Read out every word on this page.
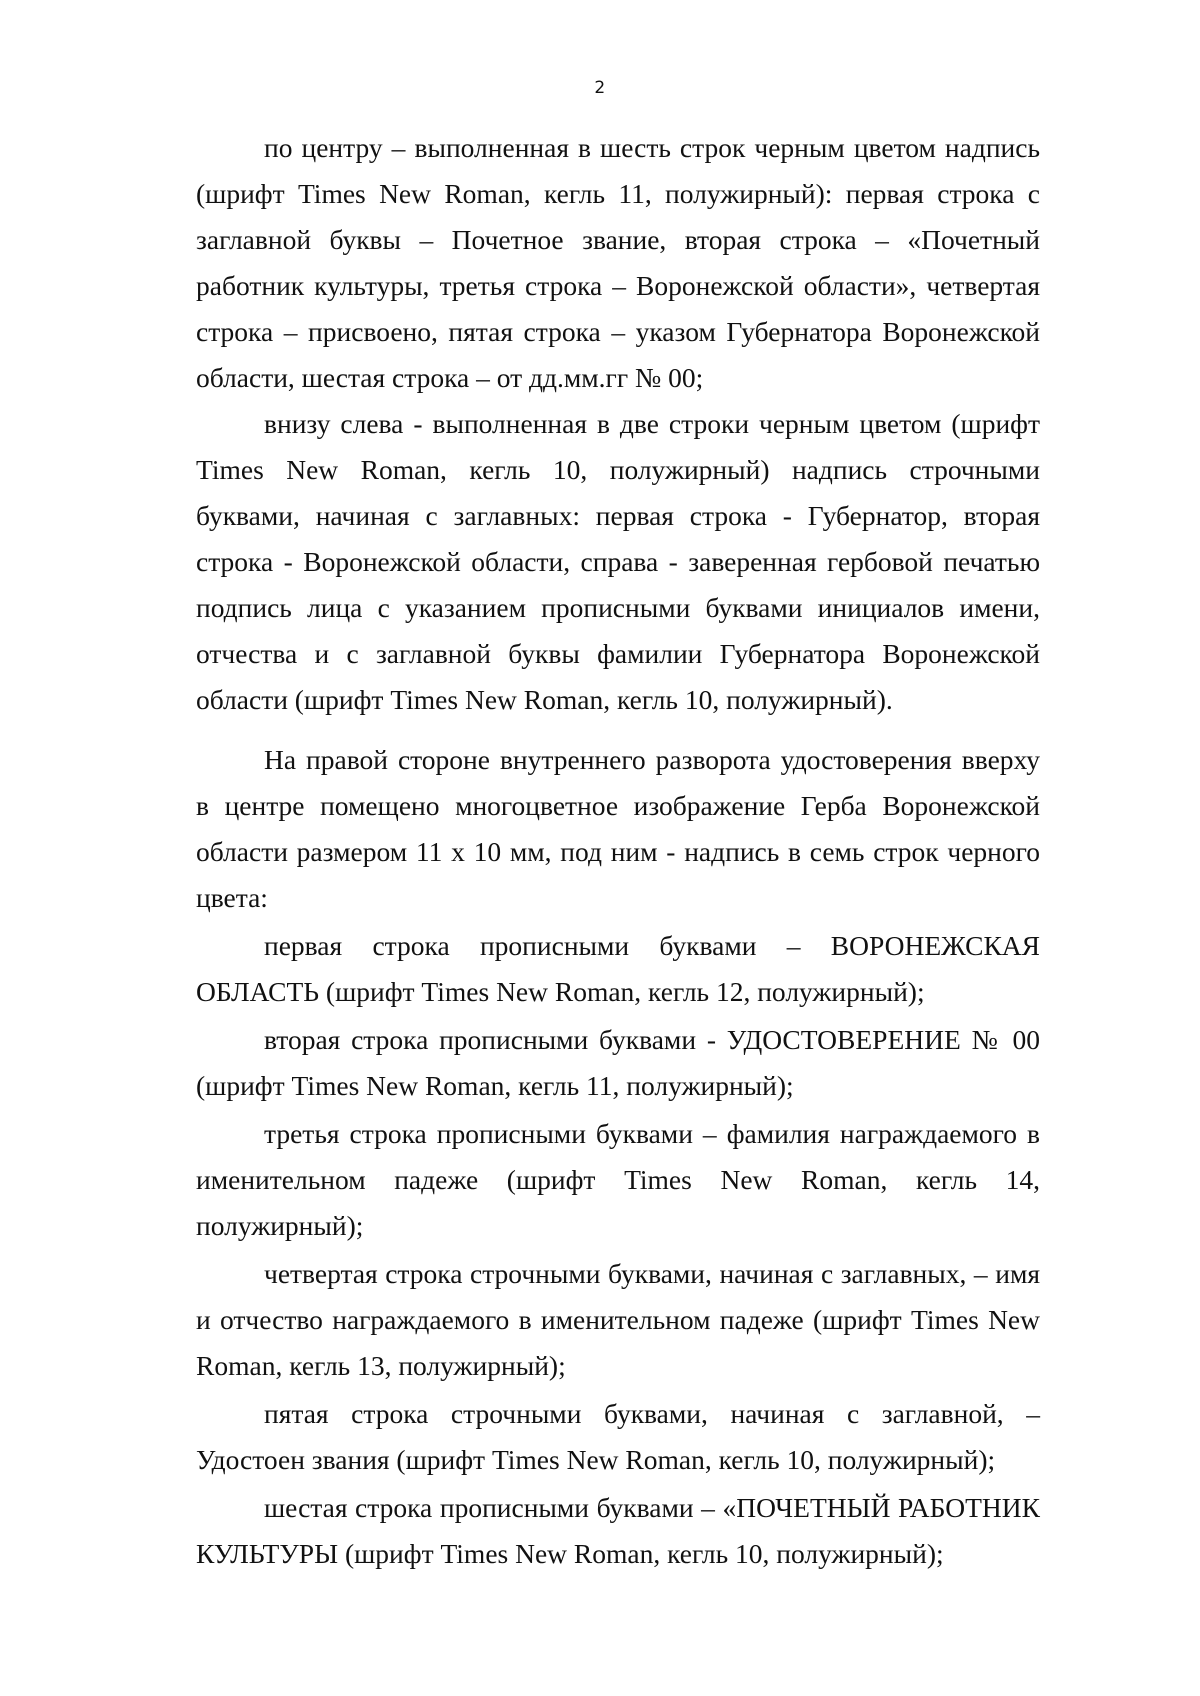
2

по центру – выполненная в шесть строк черным цветом надпись (шрифт Times New Roman, кегль 11, полужирный): первая строка с заглавной буквы – Почетное звание, вторая строка – «Почетный работник культуры, третья строка – Воронежской области», четвертая строка – присвоено, пятая строка – указом Губернатора Воронежской области, шестая строка – от дд.мм.гг № 00;

внизу слева - выполненная в две строки черным цветом (шрифт Times New Roman, кегль 10, полужирный) надпись строчными буквами, начиная с заглавных: первая строка - Губернатор, вторая строка - Воронежской области, справа - заверенная гербовой печатью подпись лица с указанием прописными буквами инициалов имени, отчества и с заглавной буквы фамилии Губернатора Воронежской области (шрифт Times New Roman, кегль 10, полужирный).

На правой стороне внутреннего разворота удостоверения вверху в центре помещено многоцветное изображение Герба Воронежской области размером 11 х 10 мм, под ним - надпись в семь строк черного цвета:

первая строка прописными буквами – ВОРОНЕЖСКАЯ ОБЛАСТЬ (шрифт Times New Roman, кегль 12, полужирный);

вторая строка прописными буквами - УДОСТОВЕРЕНИЕ № 00 (шрифт Times New Roman, кегль 11, полужирный);

третья строка прописными буквами – фамилия награждаемого в именительном падеже (шрифт Times New Roman, кегль 14, полужирный);

четвертая строка строчными буквами, начиная с заглавных, – имя и отчество награждаемого в именительном падеже (шрифт Times New Roman, кегль 13, полужирный);

пятая строка строчными буквами, начиная с заглавной, – Удостоен звания (шрифт Times New Roman, кегль 10, полужирный);

шестая строка прописными буквами – «ПОЧЕТНЫЙ РАБОТНИК КУЛЬТУРЫ (шрифт Times New Roman, кегль 10, полужирный);
